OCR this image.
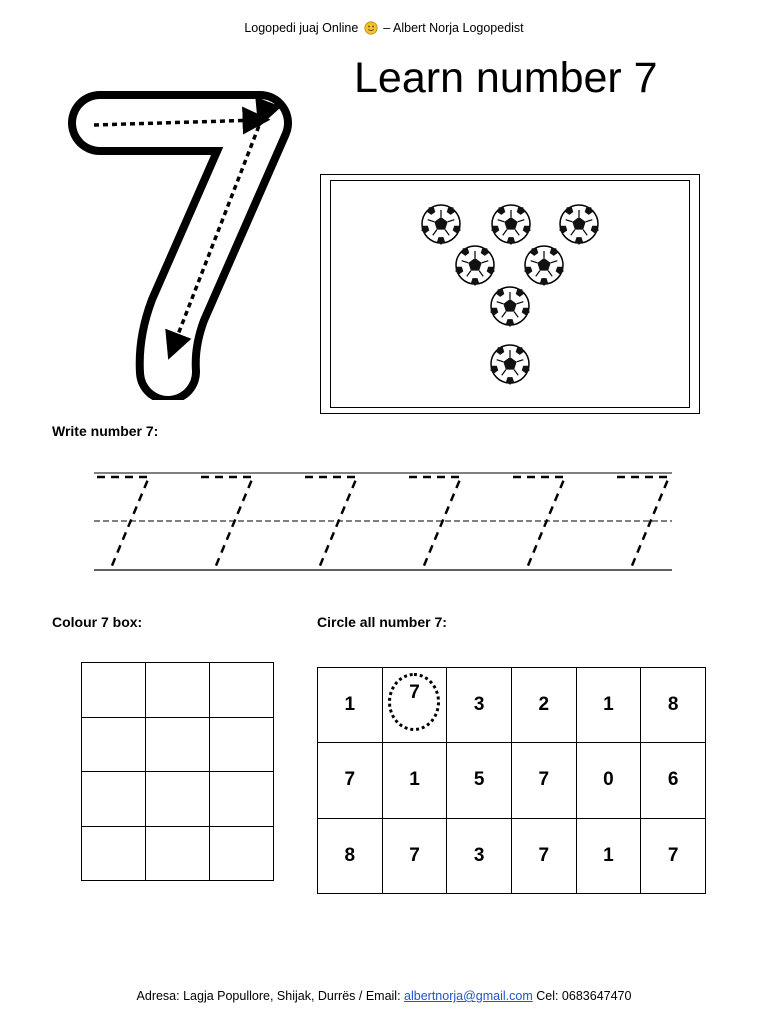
Logopedi juaj Online – Albert Norja Logopedist
Learn number 7
Write number 7:
Colour 7 box:	Circle all number 7:

1	7	3	2	1	8
7	1	5	7	0	6
8	7	3	7	1	7
Adresa: Lagja Popullore, Shijak, Durrës / Email: albertnorja@gmail.com Cel: 0683647470
